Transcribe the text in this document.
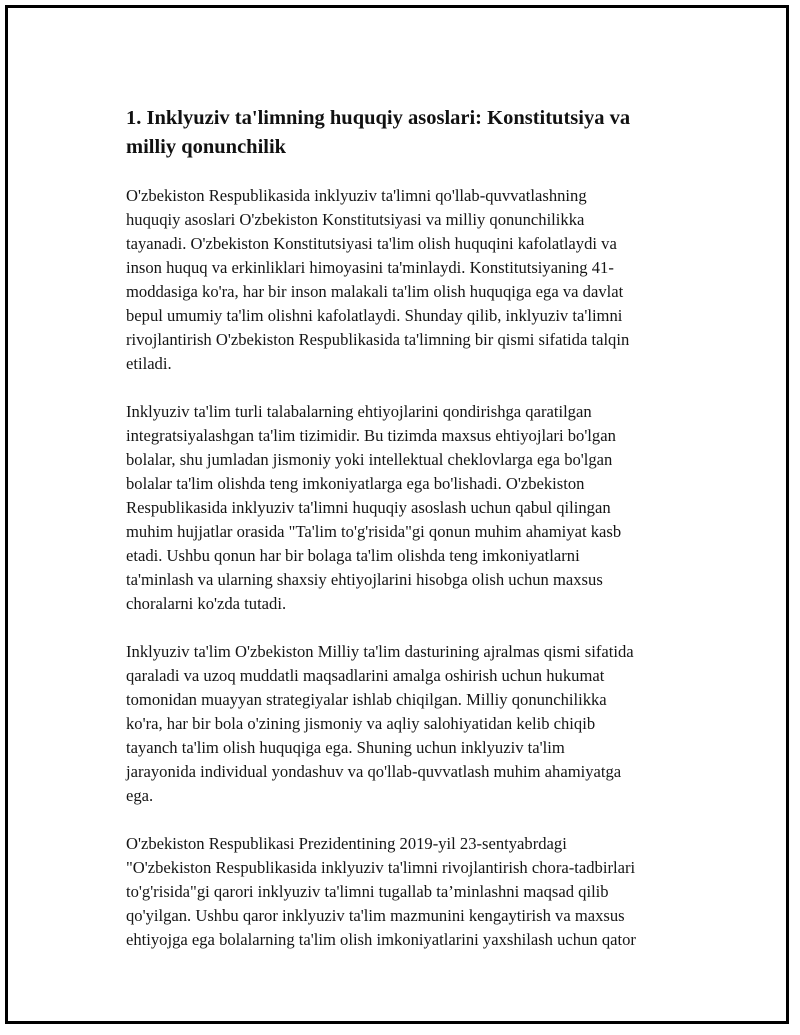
1. Inklyuziv ta'limning huquqiy asoslari: Konstitutsiya va
milliy qonunchilik

O'zbekiston Respublikasida inklyuziv ta'limni qo'llab-quvvatlashning
huquqiy asoslari O'zbekiston Konstitutsiyasi va milliy qonunchilikka
tayanadi. O'zbekiston Konstitutsiyasi ta'lim olish huquqini kafolatlaydi va
inson huquq va erkinliklari himoyasini ta'minlaydi. Konstitutsiyaning 41-
moddasiga ko'ra, har bir inson malakali ta'lim olish huquqiga ega va davlat
bepul umumiy ta'lim olishni kafolatlaydi. Shunday qilib, inklyuziv ta'limni
rivojlantirish O'zbekiston Respublikasida ta'limning bir qismi sifatida talqin
etiladi.

Inklyuziv ta'lim turli talabalarning ehtiyojlarini qondirishga qaratilgan
integratsiyalashgan ta'lim tizimidir. Bu tizimda maxsus ehtiyojlari bo'lgan
bolalar, shu jumladan jismoniy yoki intellektual cheklovlarga ega bo'lgan
bolalar ta'lim olishda teng imkoniyatlarga ega bo'lishadi. O'zbekiston
Respublikasida inklyuziv ta'limni huquqiy asoslash uchun qabul qilingan
muhim hujjatlar orasida "Ta'lim to'g'risida"gi qonun muhim ahamiyat kasb
etadi. Ushbu qonun har bir bolaga ta'lim olishda teng imkoniyatlarni
ta'minlash va ularning shaxsiy ehtiyojlarini hisobga olish uchun maxsus
choralarni ko'zda tutadi.

Inklyuziv ta'lim O'zbekiston Milliy ta'lim dasturining ajralmas qismi sifatida
qaraladi va uzoq muddatli maqsadlarini amalga oshirish uchun hukumat
tomonidan muayyan strategiyalar ishlab chiqilgan. Milliy qonunchilikka
ko'ra, har bir bola o'zining jismoniy va aqliy salohiyatidan kelib chiqib
tayanch ta'lim olish huquqiga ega. Shuning uchun inklyuziv ta'lim
jarayonida individual yondashuv va qo'llab-quvvatlash muhim ahamiyatga
ega.

O'zbekiston Respublikasi Prezidentining 2019-yil 23-sentyabrdagi
"O'zbekiston Respublikasida inklyuziv ta'limni rivojlantirish chora-tadbirlari
to'g'risida"gi qarori inklyuziv ta'limni tugallab ta’minlashni maqsad qilib
qo'yilgan. Ushbu qaror inklyuziv ta'lim mazmunini kengaytirish va maxsus
ehtiyojga ega bolalarning ta'lim olish imkoniyatlarini yaxshilash uchun qator
